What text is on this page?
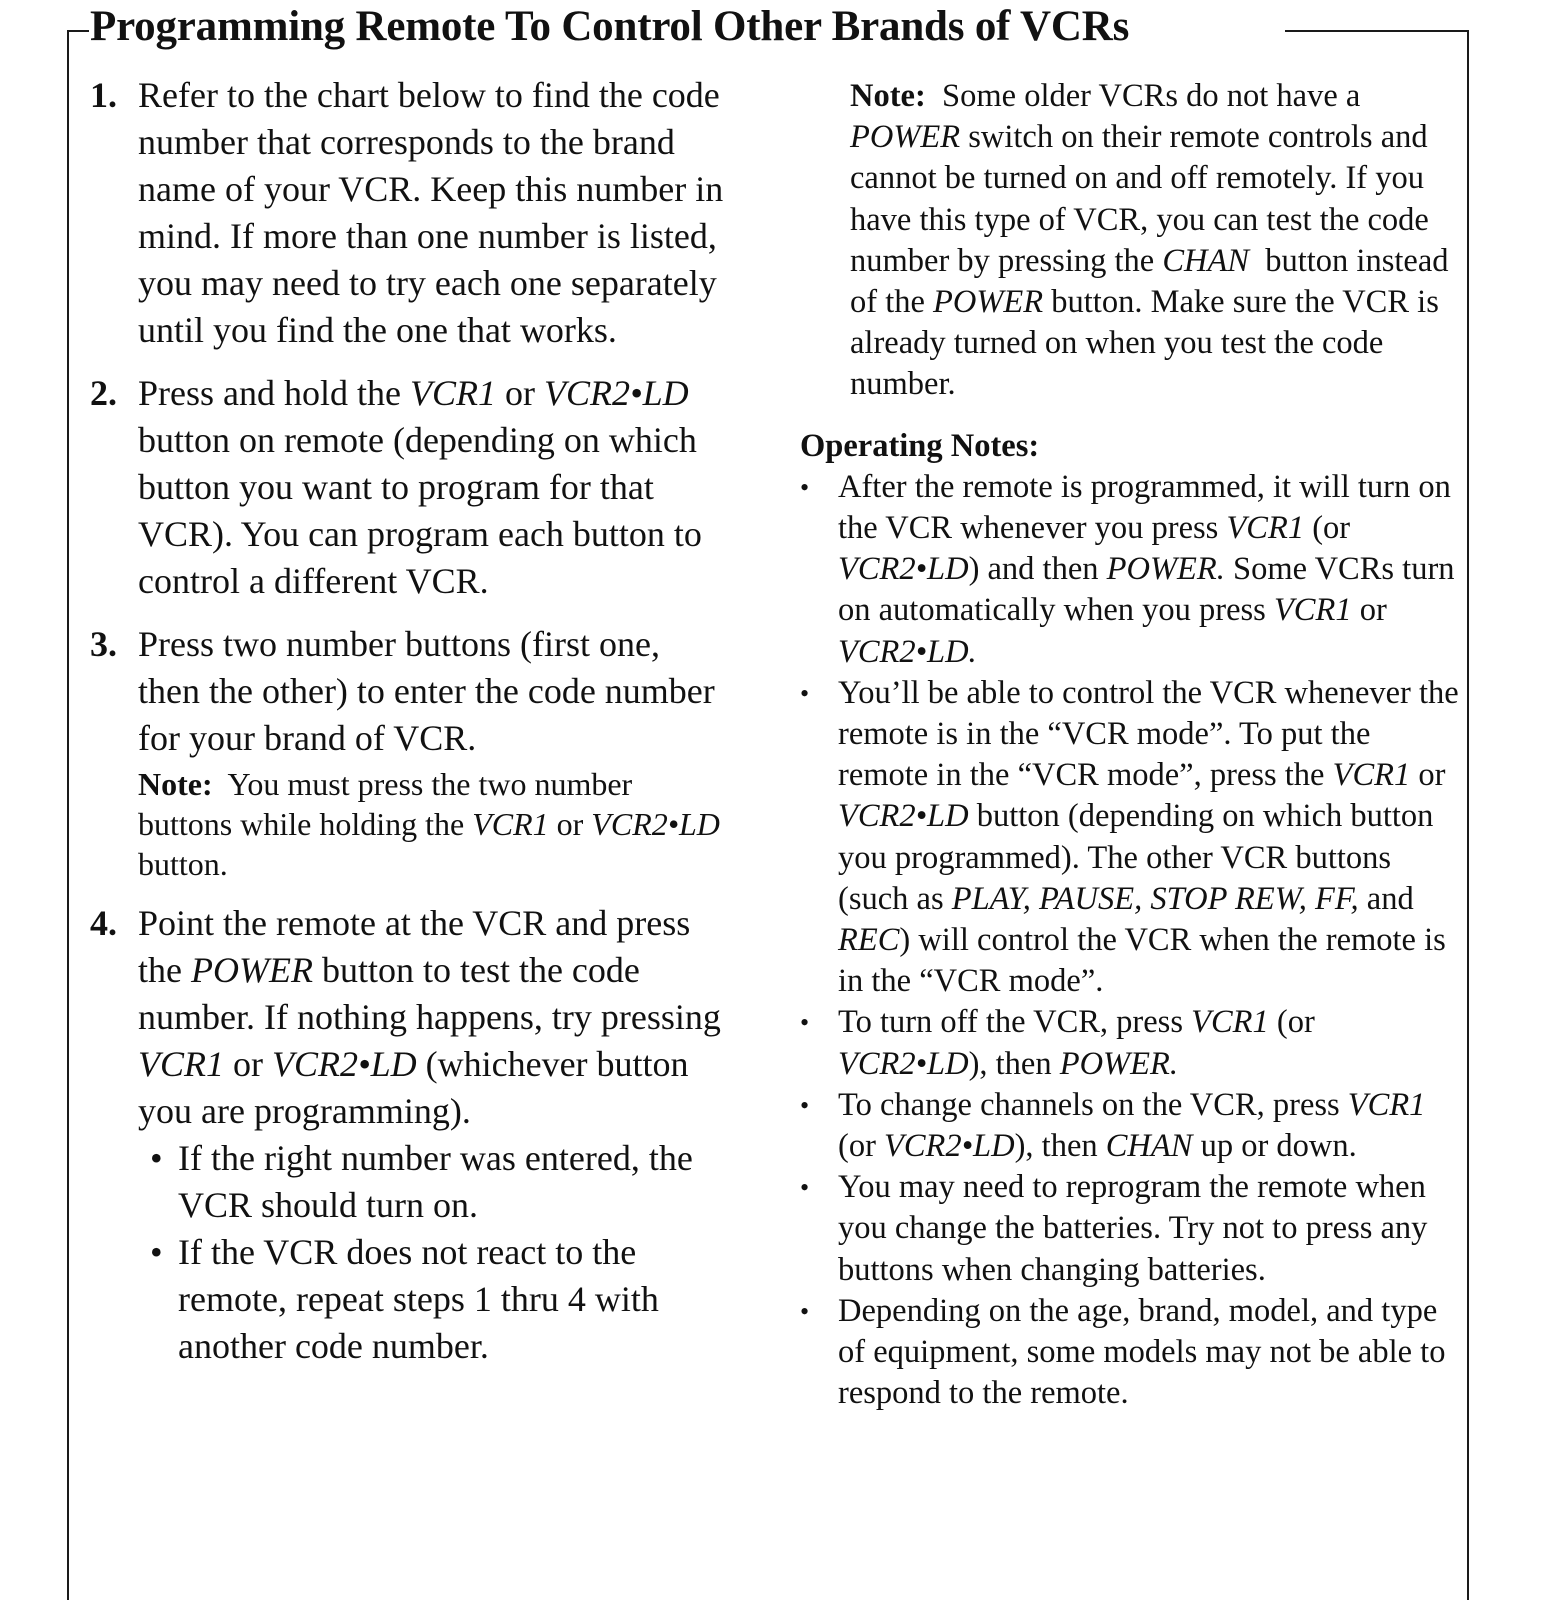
Programming Remote To Control Other Brands of VCRs
1. Refer to the chart below to find the code number that corresponds to the brand name of your VCR. Keep this number in mind. If more than one number is listed, you may need to try each one separately until you find the one that works.
2. Press and hold the VCR1 or VCR2•LD button on remote (depending on which button you want to program for that VCR). You can program each button to control a different VCR.
3. Press two number buttons (first one, then the other) to enter the code number for your brand of VCR.
Note:  You must press the two number buttons while holding the VCR1 or VCR2•LD button.
4. Point the remote at the VCR and press the POWER button to test the code number. If nothing happens, try pressing VCR1 or VCR2•LD (whichever button you are programming).
• If the right number was entered, the VCR should turn on.
• If the VCR does not react to the remote, repeat steps 1 thru 4 with another code number.
Note:  Some older VCRs do not have a POWER switch on their remote controls and cannot be turned on and off remotely. If you have this type of VCR, you can test the code number by pressing the CHAN  button instead of the POWER button. Make sure the VCR is already turned on when you test the code number.
Operating Notes:
• After the remote is programmed, it will turn on the VCR whenever you press VCR1 (or VCR2•LD) and then POWER. Some VCRs turn on automatically when you press VCR1 or VCR2•LD.
• You’ll be able to control the VCR whenever the remote is in the “VCR mode”. To put the remote in the “VCR mode”, press the VCR1 or VCR2•LD button (depending on which button you programmed). The other VCR buttons (such as PLAY, PAUSE, STOP REW, FF, and REC) will control the VCR when the remote is in the “VCR mode”.
• To turn off the VCR, press VCR1 (or VCR2•LD), then POWER.
• To change channels on the VCR, press VCR1 (or VCR2•LD), then CHAN up or down.
• You may need to reprogram the remote when you change the batteries. Try not to press any buttons when changing batteries.
• Depending on the age, brand, model, and type of equipment, some models may not be able to respond to the remote.
